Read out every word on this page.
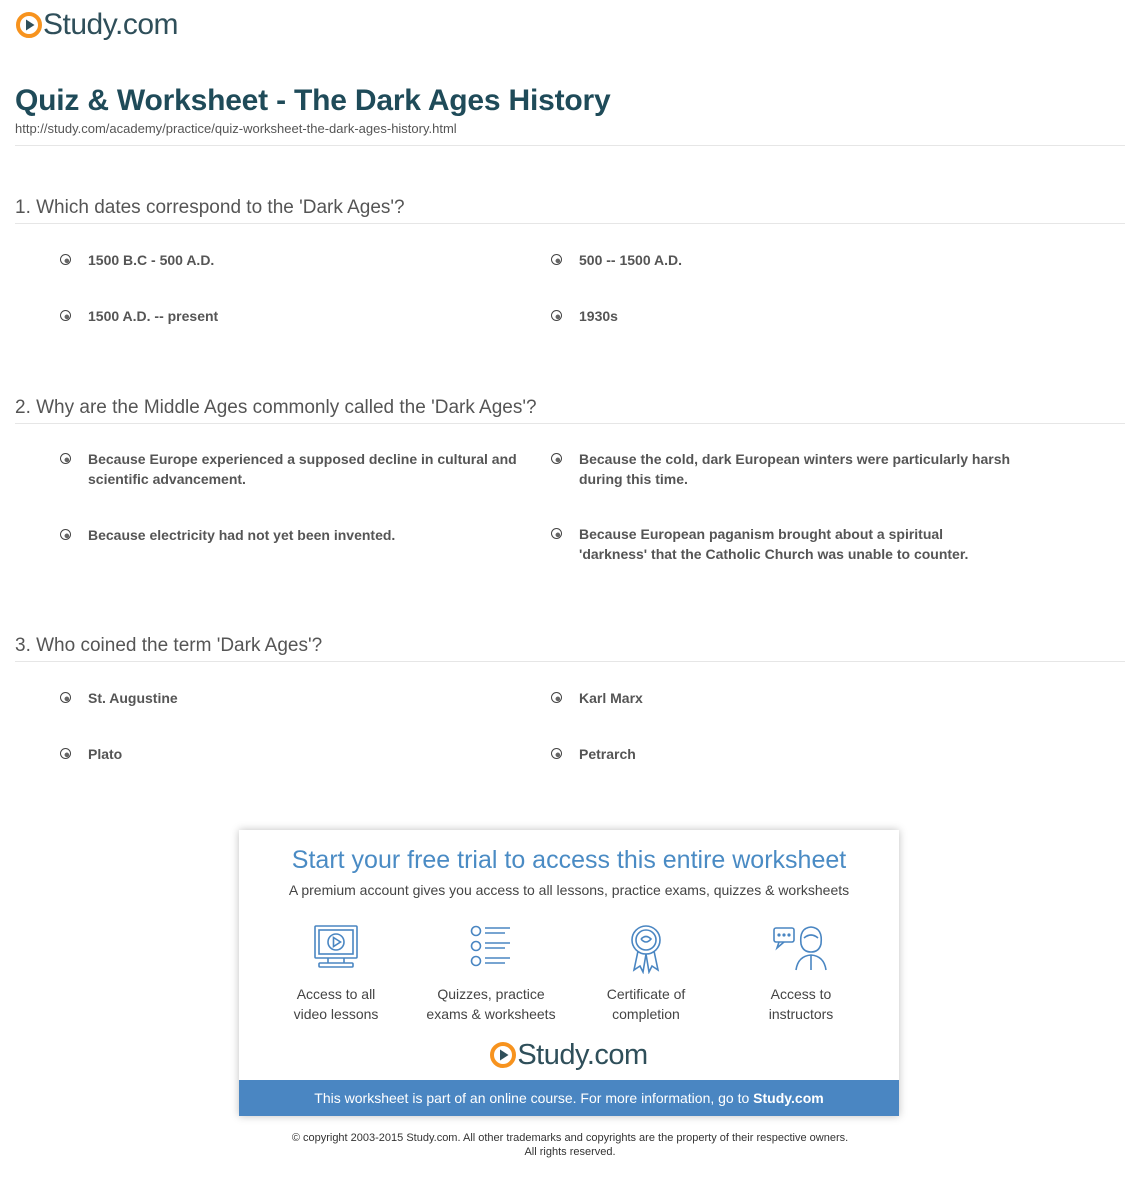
Study.com
Quiz & Worksheet - The Dark Ages History
http://study.com/academy/practice/quiz-worksheet-the-dark-ages-history.html
1. Which dates correspond to the 'Dark Ages'?
1500 B.C - 500 A.D.	500 -- 1500 A.D.
1500 A.D. -- present	1930s
2. Why are the Middle Ages commonly called the 'Dark Ages'?
Because Europe experienced a supposed decline in cultural and scientific advancement.
Because the cold, dark European winters were particularly harsh during this time.
Because electricity had not yet been invented.	Because European paganism brought about a spiritual 'darkness' that the Catholic Church was unable to counter.
3. Who coined the term 'Dark Ages'?
St. Augustine	Karl Marx
Plato	Petrarch
Start your free trial to access this entire worksheet
A premium account gives you access to all lessons, practice exams, quizzes & worksheets
Access to all
video lessons
Quizzes, practice
exams & worksheets
Certificate of
completion
Access to
instructors
Study.com
This worksheet is part of an online course. For more information, go to Study.com
© copyright 2003-2015 Study.com. All other trademarks and copyrights are the property of their respective owners.
All rights reserved.
